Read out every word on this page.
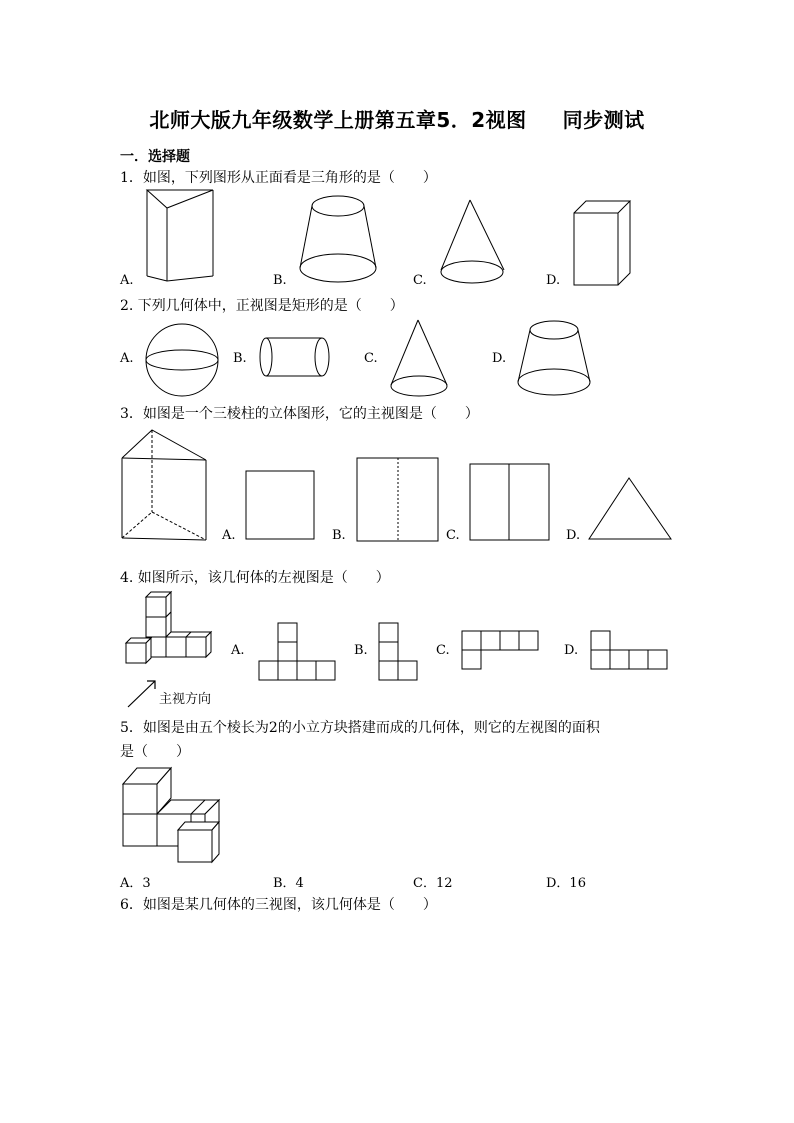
北师大版九年级数学上册第五章5．2视图 同步测试
一．选择题
1．如图，下列图形从正面看是三角形的是（　　）
A.	B.	C.	D.
2. 下列几何体中，正视图是矩形的是（　　）
A.	B.	C.	D.
3．如图是一个三棱柱的立体图形，它的主视图是（　　）
A.	B.	C.	D.
4. 如图所示，该几何体的左视图是（　　）
主视方向
A.	B.	C.	D.
5．如图是由五个棱长为2的小立方块搭建而成的几何体，则它的左视图的面积
是（　　）
A．3	B．4	C．12	D．16
6．如图是某几何体的三视图，该几何体是（　　）
